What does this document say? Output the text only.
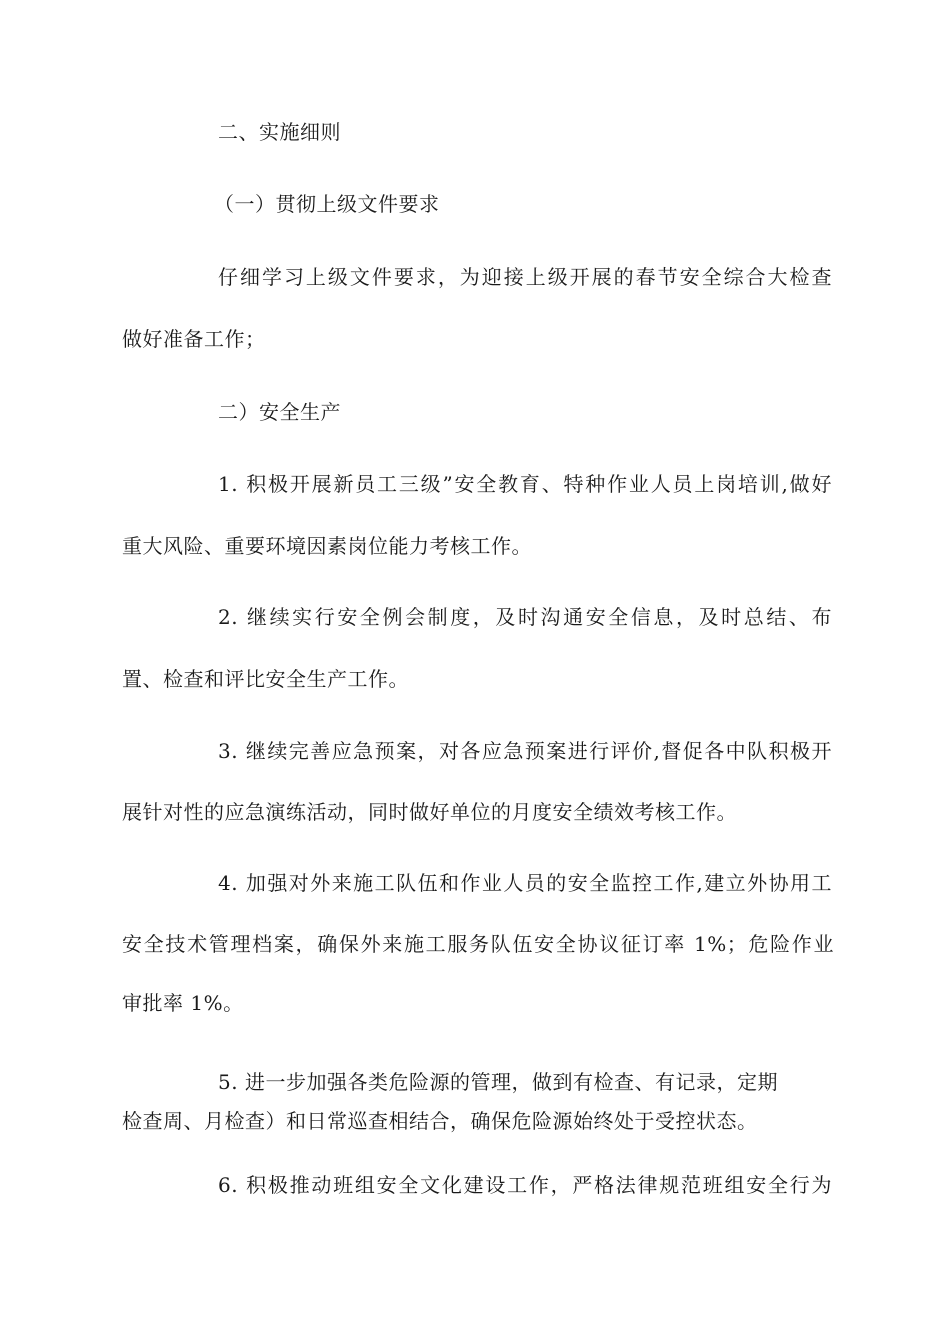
二、实施细则
（一）贯彻上级文件要求
仔细学习上级文件要求，为迎接上级开展的春节安全综合大检查
做好准备工作；
二）安全生产
1. 积极开展新员工三级”安全教育、特种作业人员上岗培训,做好
重大风险、重要环境因素岗位能力考核工作。
2. 继续实行安全例会制度，及时沟通安全信息，及时总结、布
置、检查和评比安全生产工作。
3. 继续完善应急预案，对各应急预案进行评价,督促各中队积极开
展针对性的应急演练活动，同时做好单位的月度安全绩效考核工作。
4. 加强对外来施工队伍和作业人员的安全监控工作,建立外协用工
安全技术管理档案，确保外来施工服务队伍安全协议征订率 1%；危险作业
审批率 1%。
5. 进一步加强各类危险源的管理，做到有检查、有记录，定期
检查周、月检查）和日常巡查相结合，确保危险源始终处于受控状态。
6. 积极推动班组安全文化建设工作，严格法律规范班组安全行为
